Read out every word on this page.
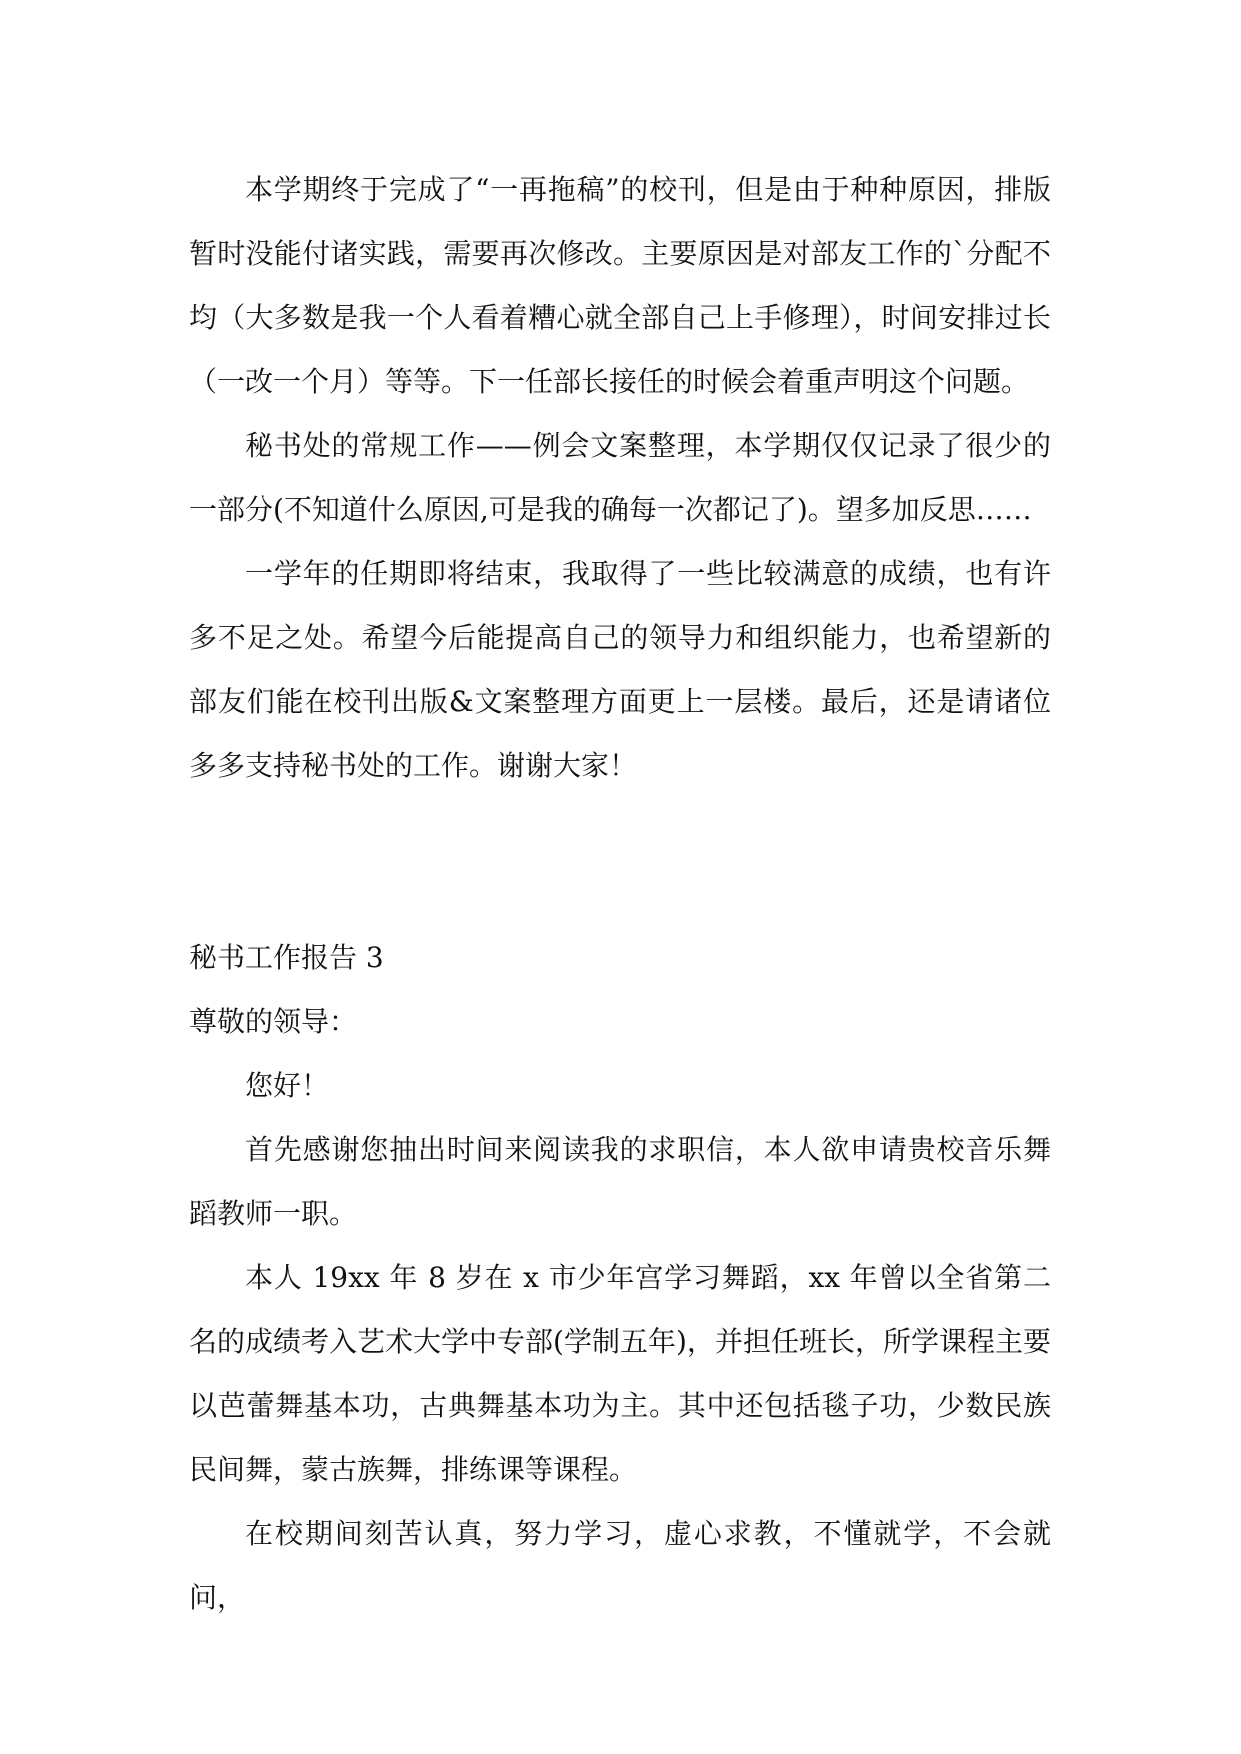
本学期终于完成了“一再拖稿”的校刊，但是由于种种原因，排版暂时没能付诸实践，需要再次修改。主要原因是对部友工作的`分配不均（大多数是我一个人看着糟心就全部自己上手修理），时间安排过长（一改一个月）等等。下一任部长接任的时候会着重声明这个问题。

秘书处的常规工作——例会文案整理，本学期仅仅记录了很少的一部分(不知道什么原因,可是我的确每一次都记了)。望多加反思……

一学年的任期即将结束，我取得了一些比较满意的成绩，也有许多不足之处。希望今后能提高自己的领导力和组织能力，也希望新的部友们能在校刊出版&文案整理方面更上一层楼。最后，还是请诸位多多支持秘书处的工作。谢谢大家！

秘书工作报告 3

尊敬的领导：

您好！

首先感谢您抽出时间来阅读我的求职信，本人欲申请贵校音乐舞蹈教师一职。

本人 19xx 年 8 岁在 x 市少年宫学习舞蹈，xx 年曾以全省第二名的成绩考入艺术大学中专部(学制五年)，并担任班长，所学课程主要以芭蕾舞基本功，古典舞基本功为主。其中还包括毯子功，少数民族民间舞，蒙古族舞，排练课等课程。

在校期间刻苦认真，努力学习，虚心求教，不懂就学，不会就问，
